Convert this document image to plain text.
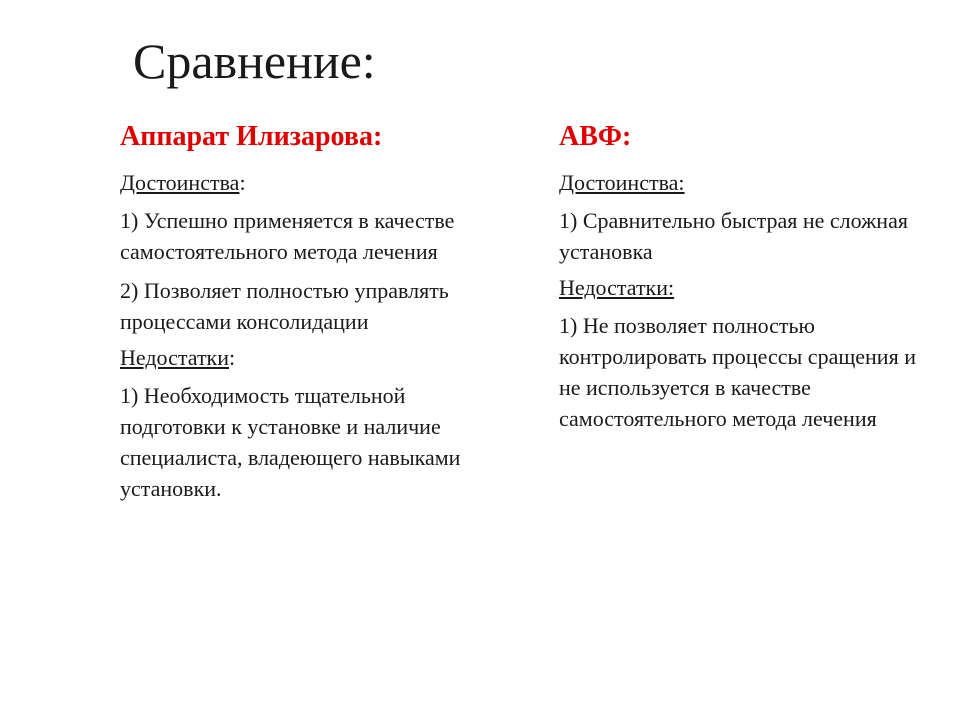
Сравнение:
Аппарат Илизарова:
Достоинства:
1) Успешно применяется в качестве самостоятельного метода лечения
2) Позволяет полностью управлять процессами консолидации
Недостатки:
1) Необходимость тщательной подготовки к установке и наличие специалиста, владеющего навыками установки.
АВФ:
Достоинства:
1) Сравнительно быстрая не сложная установка
Недостатки:
1) Не позволяет полностью контролировать процессы сращения и не используется в качестве самостоятельного метода лечения
